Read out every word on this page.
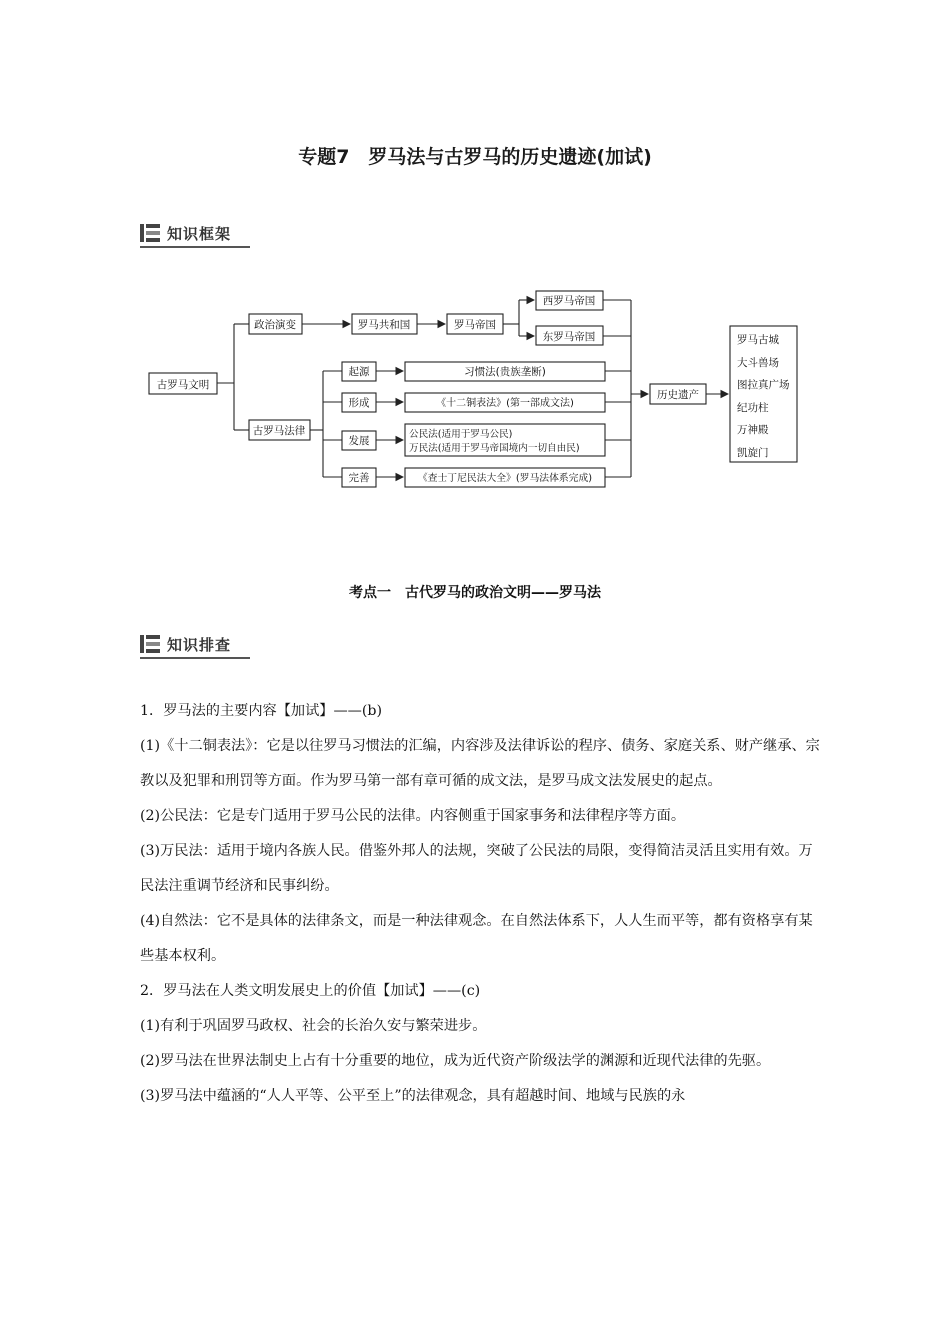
专题7　罗马法与古罗马的历史遗迹(加试)
知识框架
古罗马文明
政治演变	罗马共和国	罗马帝国
西罗马帝国
东罗马帝国
古罗马法律
起源
形成
发展
完善
习惯法(贵族垄断)
《十二铜表法》(第一部成文法)
公民法(适用于罗马公民)
万民法(适用于罗马帝国境内一切自由民)
《查士丁尼民法大全》(罗马法体系完成)
历史遗产
罗马古城
大斗兽场
图拉真广场
纪功柱
万神殿
凯旋门
考点一　古代罗马的政治文明——罗马法
知识排查

1．罗马法的主要内容【加试】——(b)

(1)《十二铜表法》：它是以往罗马习惯法的汇编，内容涉及法律诉讼的程序、债务、家庭关系、财产继承、宗教以及犯罪和刑罚等方面。作为罗马第一部有章可循的成文法，是罗马成文法发展史的起点。

(2)公民法：它是专门适用于罗马公民的法律。内容侧重于国家事务和法律程序等方面。

(3)万民法：适用于境内各族人民。借鉴外邦人的法规，突破了公民法的局限，变得简洁灵活且实用有效。万民法注重调节经济和民事纠纷。

(4)自然法：它不是具体的法律条文，而是一种法律观念。在自然法体系下，人人生而平等，都有资格享有某些基本权利。

2．罗马法在人类文明发展史上的价值【加试】——(c)

(1)有利于巩固罗马政权、社会的长治久安与繁荣进步。

(2)罗马法在世界法制史上占有十分重要的地位，成为近代资产阶级法学的渊源和近现代法律的先驱。

(3)罗马法中蕴涵的“人人平等、公平至上”的法律观念，具有超越时间、地域与民族的永
